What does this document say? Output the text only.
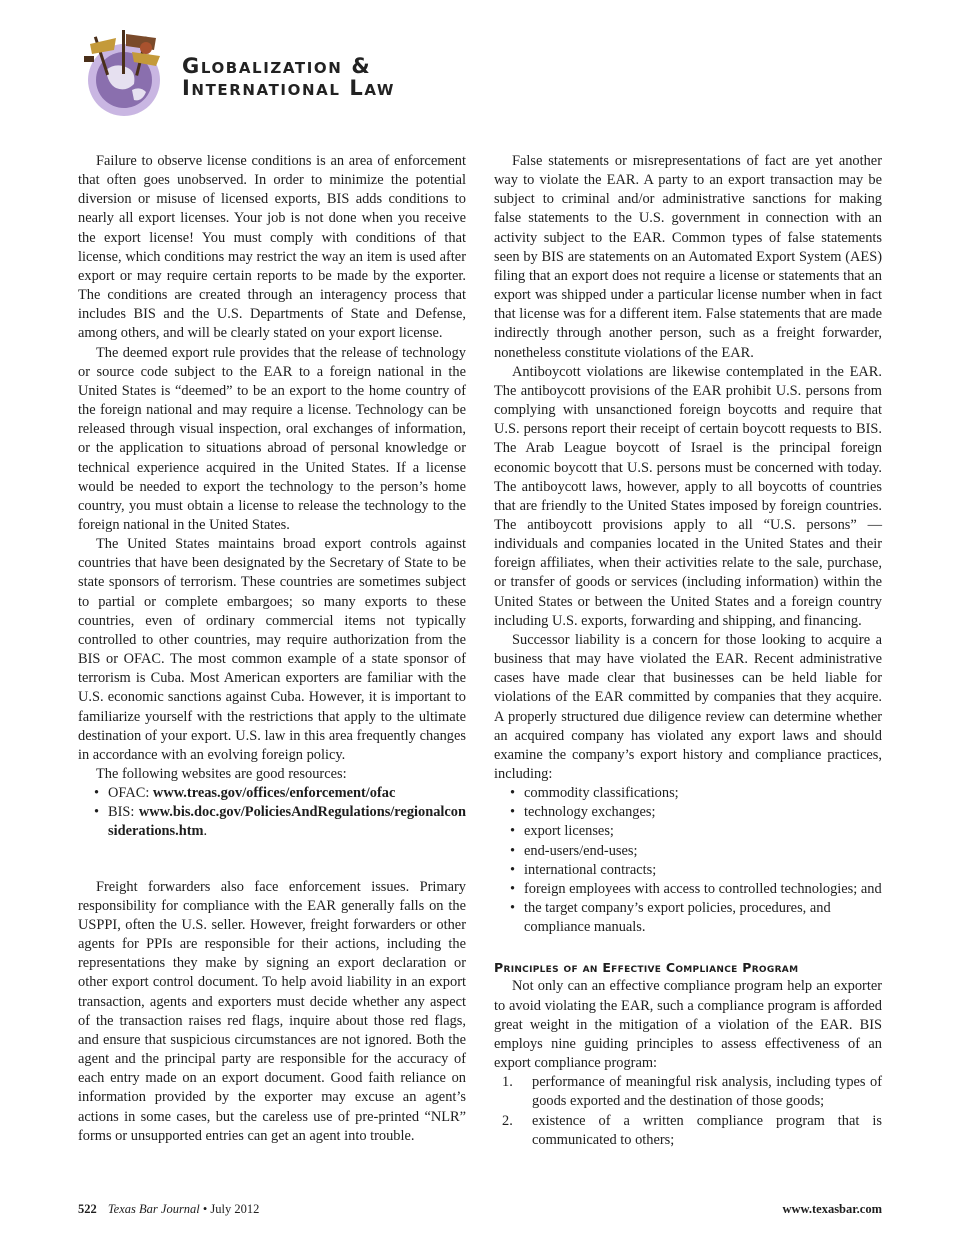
Globalization &
International Law

Failure to observe license conditions is an area of enforcement that often goes unobserved. In order to minimize the potential diversion or misuse of licensed exports, BIS adds conditions to nearly all export licenses. Your job is not done when you receive the export license! You must comply with conditions of that license, which conditions may restrict the way an item is used after export or may require certain reports to be made by the exporter. The conditions are created through an interagency process that includes BIS and the U.S. Departments of State and Defense, among others, and will be clearly stated on your export license.

The deemed export rule provides that the release of technology or source code subject to the EAR to a foreign national in the United States is “deemed” to be an export to the home country of the foreign national and may require a license. Technology can be released through visual inspection, oral exchanges of information, or the application to situations abroad of personal knowledge or technical experience acquired in the United States. If a license would be needed to export the technology to the person’s home country, you must obtain a license to release the technology to the foreign national in the United States.

The United States maintains broad export controls against countries that have been designated by the Secretary of State to be state sponsors of terrorism. These countries are sometimes subject to partial or complete embargoes; so many exports to these countries, even of ordinary commercial items not typically controlled to other countries, may require authorization from the BIS or OFAC. The most common example of a state sponsor of terrorism is Cuba. Most American exporters are familiar with the U.S. economic sanctions against Cuba. However, it is important to familiarize yourself with the restrictions that apply to the ultimate destination of your export. U.S. law in this area frequently changes in accordance with an evolving foreign policy.

The following websites are good resources:

• OFAC: www.treas.gov/offices/enforcement/ofac
• BIS: www.bis.doc.gov/PoliciesAndRegulations/regionalconsiderations.htm.

Freight forwarders also face enforcement issues. Primary responsibility for compliance with the EAR generally falls on the USPPI, often the U.S. seller. However, freight forwarders or other agents for PPIs are responsible for their actions, including the representations they make by signing an export declaration or other export control document. To help avoid liability in an export transaction, agents and exporters must decide whether any aspect of the transaction raises red flags, inquire about those red flags, and ensure that suspicious circumstances are not ignored. Both the agent and the principal party are responsible for the accuracy of each entry made on an export document. Good faith reliance on information provided by the exporter may excuse an agent’s actions in some cases, but the careless use of pre-printed “NLR” forms or unsupported entries can get an agent into trouble.

False statements or misrepresentations of fact are yet another way to violate the EAR. A party to an export transaction may be subject to criminal and/or administrative sanctions for making false statements to the U.S. government in connection with an activity subject to the EAR. Common types of false statements seen by BIS are statements on an Automated Export System (AES) filing that an export does not require a license or statements that an export was shipped under a particular license number when in fact that license was for a different item. False statements that are made indirectly through another person, such as a freight forwarder, nonetheless constitute violations of the EAR.

Antiboycott violations are likewise contemplated in the EAR. The antiboycott provisions of the EAR prohibit U.S. persons from complying with unsanctioned foreign boycotts and require that U.S. persons report their receipt of certain boycott requests to BIS. The Arab League boycott of Israel is the principal foreign economic boycott that U.S. persons must be concerned with today. The antiboycott laws, however, apply to all boycotts of countries that are friendly to the United States imposed by foreign countries. The antiboycott provisions apply to all “U.S. persons” — individuals and companies located in the United States and their foreign affiliates, when their activities relate to the sale, purchase, or transfer of goods or services (including information) within the United States or between the United States and a foreign country including U.S. exports, forwarding and shipping, and financing.

Successor liability is a concern for those looking to acquire a business that may have violated the EAR. Recent administrative cases have made clear that businesses can be held liable for violations of the EAR committed by companies that they acquire. A properly structured due diligence review can determine whether an acquired company has violated any export laws and should examine the company’s export history and compliance practices, including:

• commodity classifications;
• technology exchanges;
• export licenses;
• end-users/end-uses;
• international contracts;
• foreign employees with access to controlled technologies; and
• the target company’s export policies, procedures, and compliance manuals.
Principles of an Effective Compliance Program

Not only can an effective compliance program help an exporter to avoid violating the EAR, such a compliance program is afforded great weight in the mitigation of a violation of the EAR. BIS employs nine guiding principles to assess effectiveness of an export compliance program:

1. performance of meaningful risk analysis, including types of goods exported and the destination of those goods;
2. existence of a written compliance program that is communicated to others;
522 Texas Bar Journal • July 2012	www.texasbar.com
